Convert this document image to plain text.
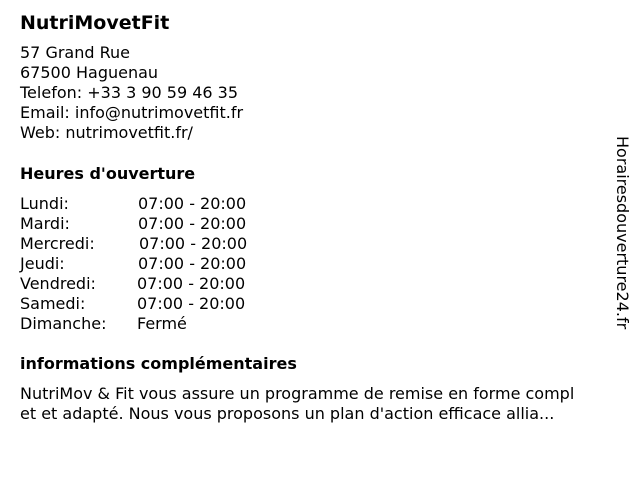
NutriMovetFit
57 Grand Rue
67500 Haguenau
Telefon: +33 3 90 59 46 35
Email: info@nutrimovetfit.fr
Web: nutrimovetfit.fr/
Heures d'ouverture
Lundi:	07:00 - 20:00
Mardi:	07:00 - 20:00
Mercredi:	07:00 - 20:00
Jeudi:	07:00 - 20:00
Vendredi:	07:00 - 20:00
Samedi:	07:00 - 20:00
Dimanche: Fermé
informations complémentaires
NutriMov & Fit vous assure un programme de remise en forme compl
et et adapté. Nous vous proposons un plan d'action efficace allia...
Horairesdouverture24.fr
